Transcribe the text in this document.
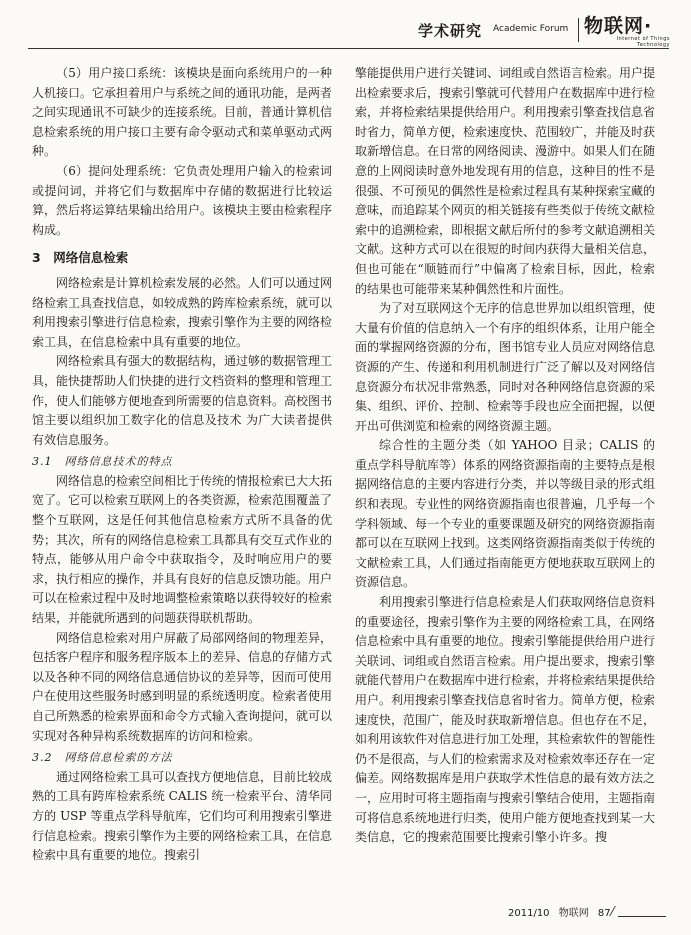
学术研究 Academic Forum 物联网·
Internet of Things Technology

（5）用户接口系统：该模块是面向系统用户的一种人机接口。它承担着用户与系统之间的通讯功能，是两者之间实现通讯不可缺少的连接系统。目前，普通计算机信息检索系统的用户接口主要有命令驱动式和菜单驱动式两种。

（6）提问处理系统：它负责处理用户输入的检索词或提问词，并将它们与数据库中存储的数据进行比较运算，然后将运算结果输出给用户。该模块主要由检索程序构成。

3　网络信息检索

网络检索是计算机检索发展的必然。人们可以通过网络检索工具查找信息，如较成熟的跨库检索系统，就可以利用搜索引擎进行信息检索，搜索引擎作为主要的网络检索工具，在信息检索中具有重要的地位。

网络检索具有强大的数据结构，通过够的数据管理工具，能快捷帮助人们快捷的进行文档资料的整理和管理工作，使人们能够方便地查到所需要的信息资料。高校图书馆主要以组织加工数字化的信息及技术 为广大读者提供有效信息服务。

3.1　网络信息技术的特点

网络信息的检索空间相比于传统的情报检索已大大拓宽了。它可以检索互联网上的各类资源，检索范围覆盖了整个互联网，这是任何其他信息检索方式所不具备的优势；其次，所有的网络信息检索工具都具有交互式作业的特点，能够从用户命令中获取指令，及时响应用户的要求，执行相应的操作，并具有良好的信息反馈功能。用户可以在检索过程中及时地调整检索策略以获得较好的检索结果，并能就所遇到的问题获得联机帮助。

网络信息检索对用户屏蔽了局部网络间的物理差异，包括客户程序和服务程序版本上的差异、信息的存储方式以及各种不同的网络信息通信协议的差异等，因而可使用户在使用这些服务时感到明显的系统透明度。检索者使用自己所熟悉的检索界面和命令方式输入查询提问，就可以实现对各种异构系统数据库的访问和检索。

3.2　网络信息检索的方法

通过网络检索工具可以查找方便地信息，目前比较成熟的工具有跨库检索系统 CALIS 统一检索平台、清华同方的 USP 等重点学科导航库，它们均可利用搜索引擎进行信息检索。搜索引擎作为主要的网络检索工具，在信息检索中具有重要的地位。搜索引

擎能提供用户进行关键词、词组或自然语言检索。用户提出检索要求后，搜索引擎就可代替用户在数据库中进行检索，并将检索结果提供给用户。利用搜索引擎查找信息省时省力，简单方便，检索速度快、范围较广，并能及时获取新增信息。在日常的网络阅读、漫游中。如果人们在随意的上网阅读时意外地发现有用的信息，这种目的性不是很强、不可预见的偶然性是检索过程具有某种探索宝藏的意味，而追踪某个网页的相关链接有些类似于传统文献检索中的追溯检索，即根据文献后所付的参考文献追溯相关文献。这种方式可以在很短的时间内获得大量相关信息，但也可能在“顺链而行”中偏离了检索目标，因此，检索的结果也可能带来某种偶然性和片面性。

为了对互联网这个无序的信息世界加以组织管理，使大量有价值的信息纳入一个有序的组织体系，让用户能全面的掌握网络资源的分布，图书馆专业人员应对网络信息资源的产生、传递和利用机制进行广泛了解以及对网络信息资源分布状况非常熟悉，同时对各种网络信息资源的采集、组织、评价、控制、检索等手段也应全面把握，以便开出可供浏览和检索的网络资源主题。

综合性的主题分类（如 YAHOO 目录；CALIS 的重点学科导航库等）体系的网络资源指南的主要特点是根据网络信息的主要内容进行分类，并以等级目录的形式组织和表现。专业性的网络资源指南也很普遍，几乎每一个学科领域、每一个专业的重要课题及研究的网络资源指南都可以在互联网上找到。这类网络资源指南类似于传统的文献检索工具，人们通过指南能更方便地获取互联网上的资源信息。

利用搜索引擎进行信息检索是人们获取网络信息资料的重要途径，搜索引擎作为主要的网络检索工具，在网络信息检索中具有重要的地位。搜索引擎能提供给用户进行关联词、词组或自然语言检索。用户提出要求，搜索引擎就能代替用户在数据库中进行检索，并将检索结果提供给用户。利用搜索引擎查找信息省时省力。简单方便，检索速度快，范围广，能及时获取新增信息。但也存在不足，如利用该软件对信息进行加工处理，其检索软件的智能性仍不是很高，与人们的检索需求及对检索效率还存在一定偏差。网络数据库是用户获取学术性信息的最有效方法之一，应用时可将主题指南与搜索引擎结合使用，主题指南可将信息系统地进行归类，使用户能方便地查找到某一大类信息，它的搜索范围要比搜索引擎小许多。搜

2011/10 物联网 87
